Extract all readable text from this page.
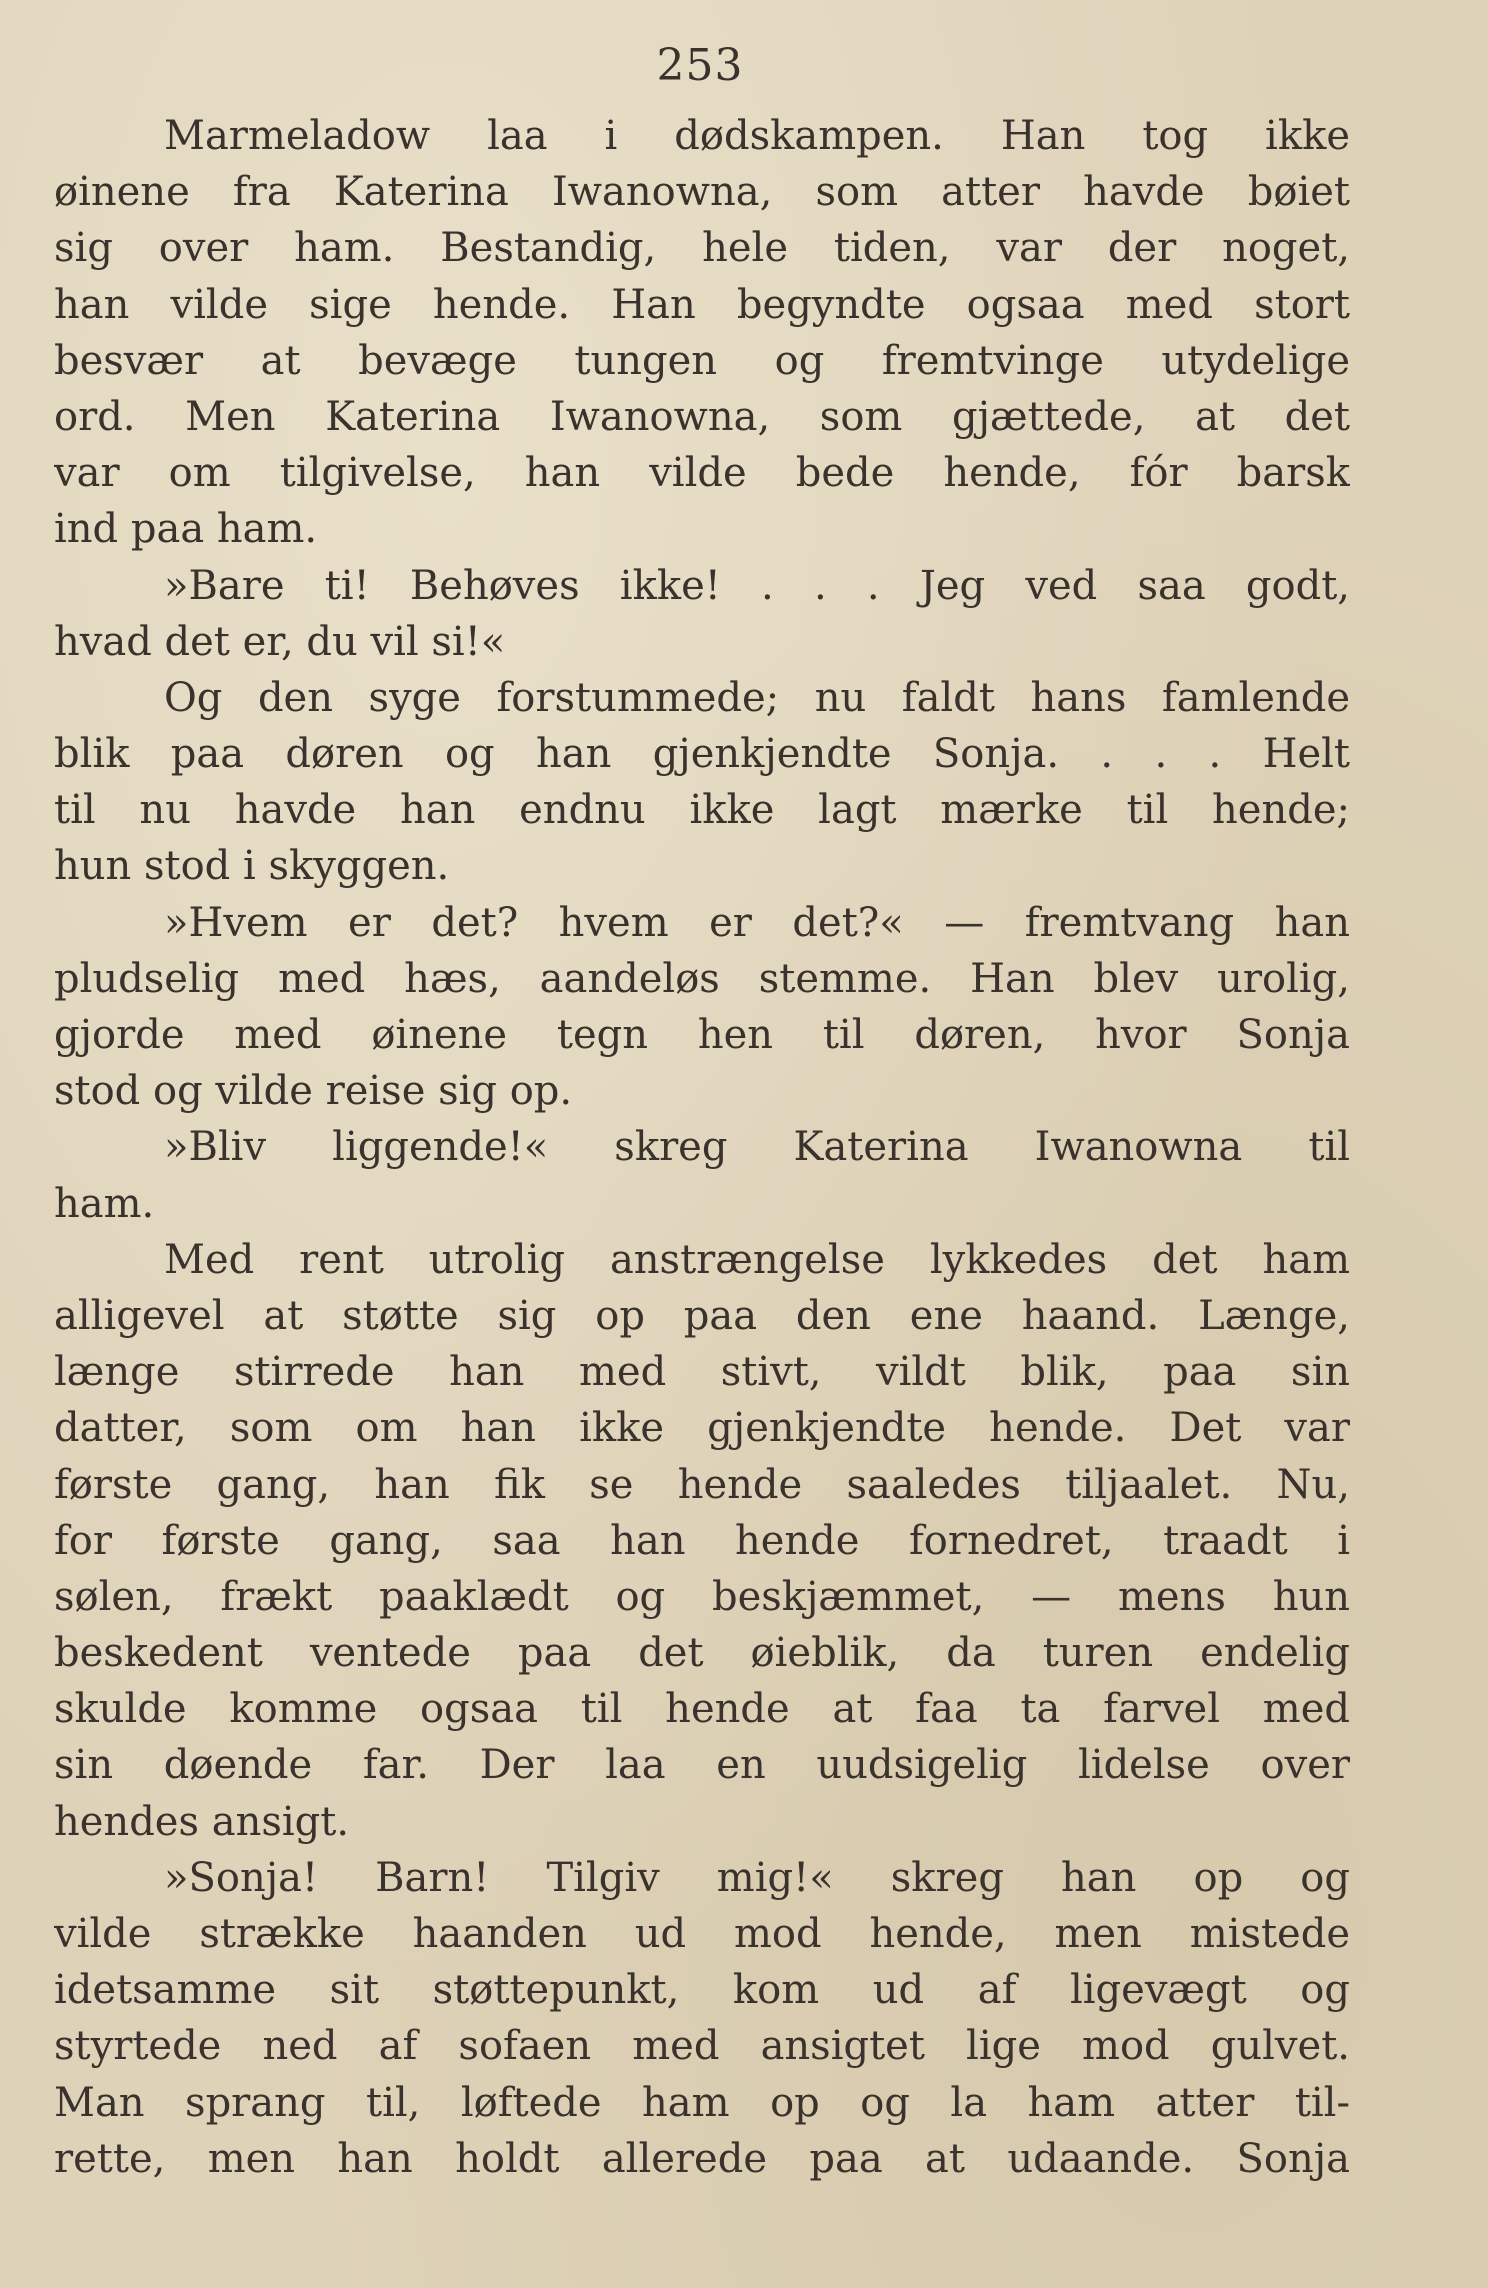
253
Marmeladow laa i dødskampen. Han tog ikke
øinene fra Katerina Iwanowna, som atter havde bøiet
sig over ham. Bestandig, hele tiden, var der noget,
han vilde sige hende. Han begyndte ogsaa med stort
besvær at bevæge tungen og fremtvinge utydelige
ord. Men Katerina Iwanowna, som gjættede, at det
var om tilgivelse, han vilde bede hende, fór barsk
ind paa ham.
»Bare ti! Behøves ikke! . . . Jeg ved saa godt,
hvad det er, du vil si!«
Og den syge forstummede; nu faldt hans famlende
blik paa døren og han gjenkjendte Sonja. . . . Helt
til nu havde han endnu ikke lagt mærke til hende;
hun stod i skyggen.
»Hvem er det? hvem er det?« — fremtvang han
pludselig med hæs, aandeløs stemme. Han blev urolig,
gjorde med øinene tegn hen til døren, hvor Sonja
stod og vilde reise sig op.
»Bliv liggende!« skreg Katerina Iwanowna til
ham.
Med rent utrolig anstrængelse lykkedes det ham
alligevel at støtte sig op paa den ene haand. Længe,
længe stirrede han med stivt, vildt blik, paa sin
datter, som om han ikke gjenkjendte hende. Det var
første gang, han fik se hende saaledes tiljaalet. Nu,
for første gang, saa han hende fornedret, traadt i
sølen, frækt paaklædt og beskjæmmet, — mens hun
beskedent ventede paa det øieblik, da turen endelig
skulde komme ogsaa til hende at faa ta farvel med
sin døende far. Der laa en uudsigelig lidelse over
hendes ansigt.
»Sonja! Barn! Tilgiv mig!« skreg han op og
vilde strække haanden ud mod hende, men mistede
idetsamme sit støttepunkt, kom ud af ligevægt og
styrtede ned af sofaen med ansigtet lige mod gulvet.
Man sprang til, løftede ham op og la ham atter til-
rette, men han holdt allerede paa at udaande. Sonja
